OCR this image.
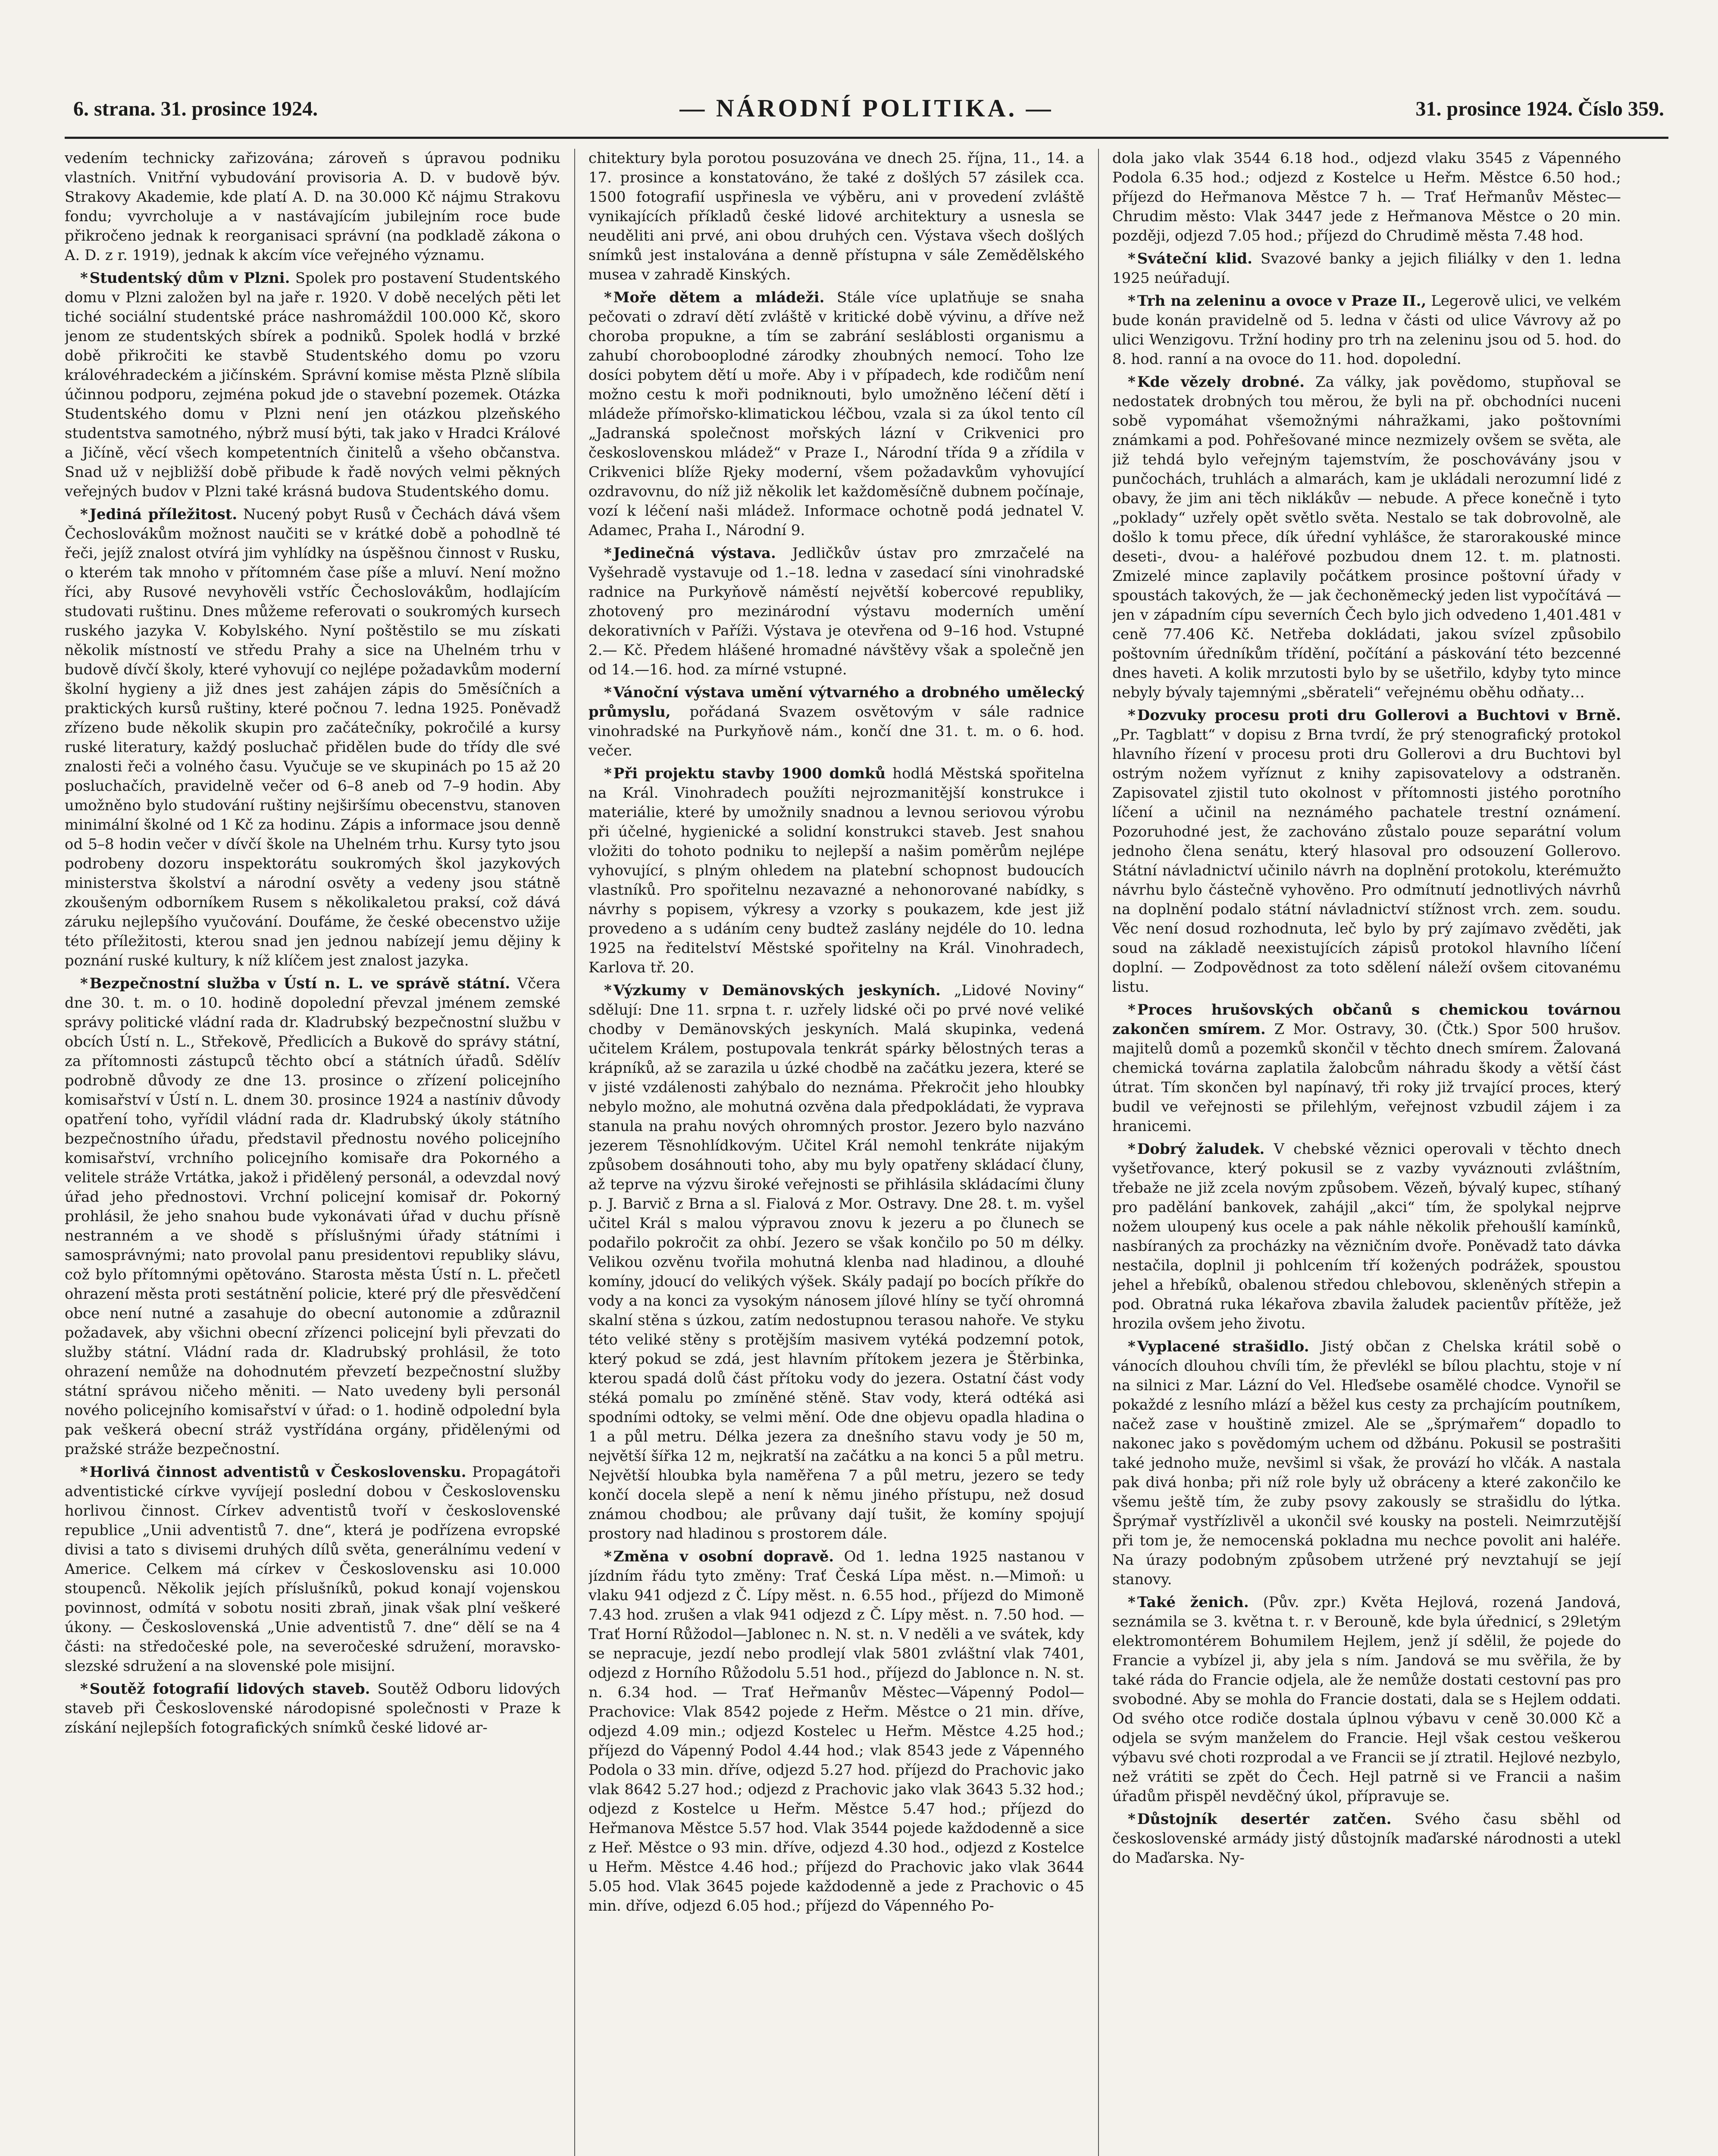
6. strana. 31. prosince 1924.	— NÁRODNÍ POLITIKA. —	31. prosince 1924. Číslo 359.

vedením technicky zařizována; zároveň s úpravou podniku vlastních. Vnitřní vybudování provisoria A. D. v budově býv. Strakovy Akademie, kde platí A. D. na 30.000 Kč nájmu Strakovu fondu; vyvrcholuje a v nastávajícím jubilejním roce bude přikročeno jednak k reorganisaci správní (na podkladě zákona o A. D. z r. 1919), jednak k akcím více veřejného významu.

* Studentský dům v Plzni. Spolek pro postavení Studentského domu v Plzni založen byl na jaře r. 1920. V době necelých pěti let tiché sociální studentské práce nashromáždil 100.000 Kč, skoro jenom ze studentských sbírek a podniků. Spolek hodlá v brzké době přikročiti ke stavbě Studentského domu po vzoru královéhradeckém a jičínském. Správní komise města Plzně slíbila účinnou podporu, zejména pokud jde o stavební pozemek. Otázka Studentského domu v Plzni není jen otázkou plzeňského studentstva samotného, nýbrž musí býti, tak jako v Hradci Králové a Jičíně, věcí všech kompetentních činitelů a všeho občanstva. Snad už v nejbližší době přibude k řadě nových velmi pěkných veřejných budov v Plzni také krásná budova Studentského domu.

* Jediná příležitost. Nucený pobyt Rusů v Čechách dává všem Čechoslovákům možnost naučiti se v krátké době a pohodlně té řeči, jejíž znalost otvírá jim vyhlídky na úspěšnou činnost v Rusku, o kterém tak mnoho v přítomném čase píše a mluví. Není možno říci, aby Rusové nevyhověli vstříc Čechoslovákům, hodlajícím studovati ruštinu. Dnes můžeme referovati o soukromých kursech ruského jazyka V. Kobylského. Nyní poštěstilo se mu získati několik místností ve středu Prahy a sice na Uhelném trhu v budově dívčí školy, které vyhovují co nejlépe požadavkům moderní školní hygieny a již dnes jest zahájen zápis do 5měsíčních a praktických kursů ruštiny, které počnou 7. ledna 1925. Poněvadž zřízeno bude několik skupin pro začátečníky, pokročilé a kursy ruské literatury, každý posluchač přidělen bude do třídy dle své znalosti řeči a volného času. Vyučuje se ve skupinách po 15 až 20 posluchačích, pravidelně večer od 6–8 aneb od 7–9 hodin. Aby umožněno bylo studování ruštiny nejširšímu obecenstvu, stanoven minimální školné od 1 Kč za hodinu. Zápis a informace jsou denně od 5–8 hodin večer v dívčí škole na Uhelném trhu. Kursy tyto jsou podrobeny dozoru inspektorátu soukromých škol jazykových ministerstva školství a národní osvěty a vedeny jsou státně zkoušeným odborníkem Rusem s několikaletou praksí, což dává záruku nejlepšího vyučování. Doufáme, že české obecenstvo užije této příležitosti, kterou snad jen jednou nabízejí jemu dějiny k poznání ruské kultury, k níž klíčem jest znalost jazyka.

* Bezpečnostní služba v Ústí n. L. ve správě státní. Včera dne 30. t. m. o 10. hodině dopolední převzal jménem zemské správy politické vládní rada dr. Kladrubský bezpečnostní službu v obcích Ústí n. L., Střekově, Předlicích a Bukově do správy státní, za přítomnosti zástupců těchto obcí a státních úřadů. Sdělív podrobně důvody ze dne 13. prosince o zřízení policejního komisařství v Ústí n. L. dnem 30. prosince 1924 a nastíniv důvody opatření toho, vyřídil vládní rada dr. Kladrubský úkoly státního bezpečnostního úřadu, představil přednostu nového policejního komisařství, vrchního policejního komisaře dra Pokorného a velitele stráže Vrtátka, jakož i přidělený personál, a odevzdal nový úřad jeho přednostovi. Vrchní policejní komisař dr. Pokorný prohlásil, že jeho snahou bude vykonávati úřad v duchu přísně nestranném a ve shodě s příslušnými úřady státními i samosprávnými; nato provolal panu presidentovi republiky slávu, což bylo přítomnými opětováno. Starosta města Ústí n. L. přečetl ohrazení města proti sestátnění policie, které prý dle přesvědčení obce není nutné a zasahuje do obecní autonomie a zdůraznil požadavek, aby všichni obecní zřízenci policejní byli převzati do služby státní. Vládní rada dr. Kladrubský prohlásil, že toto ohrazení nemůže na dohodnutém převzetí bezpečnostní služby státní správou ničeho měniti. — Nato uvedeny byli personál nového policejního komisařství v úřad: o 1. hodině odpolední byla pak veškerá obecní stráž vystřídána orgány, přidělenými od pražské stráže bezpečnostní.

* Horlivá činnost adventistů v Československu. Propagátoři adventistické církve vyvíjejí poslední dobou v Československu horlivou činnost. Církev adventistů tvoří v československé republice „Unii adventistů 7. dne“, která je podřízena evropské divisi a tato s divisemi druhých dílů světa, generálnímu vedení v Americe. Celkem má církev v Československu asi 10.000 stoupenců. Několik jejích příslušníků, pokud konají vojenskou povinnost, odmítá v sobotu nositi zbraň, jinak však plní veškeré úkony. — Československá „Unie adventistů 7. dne“ dělí se na 4 části: na středočeské pole, na severočeské sdružení, moravsko-slezské sdružení a na slovenské pole misijní.

* Soutěž fotografií lidových staveb. Soutěž Odboru lidových staveb při Československé národopisné společnosti v Praze k získání nejlepších fotografických snímků české lidové ar-

chitektury byla porotou posuzována ve dnech 25. října, 11., 14. a 17. prosince a konstatováno, že také z došlých 57 zásilek cca. 1500 fotografií uspřinesla ve výběru, ani v provedení zvláště vynikajících příkladů české lidové architektury a usnesla se neuděliti ani prvé, ani obou druhých cen. Výstava všech došlých snímků jest instalována a denně přístupna v sále Zemědělského musea v zahradě Kinských.

* Moře dětem a mládeži. Stále více uplatňuje se snaha pečovati o zdraví dětí zvláště v kritické době vývinu, a dříve než choroba propukne, a tím se zabrání sesláblosti organismu a zahubí chorobooplodné zárodky zhoubných nemocí. Toho lze dosíci pobytem dětí u moře. Aby i v případech, kde rodičům není možno cestu k moři podniknouti, bylo umožněno léčení dětí i mládeže přímořsko-klimatickou léčbou, vzala si za úkol tento cíl „Jadranská společnost mořských lázní v Crikvenici pro československou mládež“ v Praze I., Národní třída 9 a zřídila v Crikvenici blíže Rjeky moderní, všem požadavkům vyhovující ozdravovnu, do níž již několik let každoměsíčně dubnem počínaje, vozí k léčení naši mládež. Informace ochotně podá jednatel V. Adamec, Praha I., Národní 9.

* Jedinečná výstava. Jedličkův ústav pro zmrzačelé na Vyšehradě vystavuje od 1.–18. ledna v zasedací síni vinohradské radnice na Purkyňově náměstí největší kobercové republiky, zhotovený pro mezinárodní výstavu moderních umění dekorativních v Paříži. Výstava je otevřena od 9–16 hod. Vstupné 2.— Kč. Předem hlášené hromadné návštěvy však a společně jen od 14.—16. hod. za mírné vstupné.

* Vánoční výstava umění výtvarného a drobného umělecký průmyslu, pořádaná Svazem osvětovým v sále radnice vinohradské na Purkyňově nám., končí dne 31. t. m. o 6. hod. večer.

* Při projektu stavby 1900 domků hodlá Městská spořitelna na Král. Vinohradech použíti nejrozmanitější konstrukce i materiálie, které by umožnily snadnou a levnou seriovou výrobu při účelné, hygienické a solidní konstrukci staveb. Jest snahou vložiti do tohoto podniku to nejlepší a našim poměrům nejlépe vyhovující, s plným ohledem na platební schopnost budoucích vlastníků. Pro spořitelnu nezavazné a nehonorované nabídky, s návrhy s popisem, výkresy a vzorky s poukazem, kde jest již provedeno a s udáním ceny budtež zaslány nejdéle do 10. ledna 1925 na ředitelství Městské spořitelny na Král. Vinohradech, Karlova tř. 20.

* Výzkumy v Demänovských jeskyních. „Lidové Noviny“ sdělují: Dne 11. srpna t. r. uzřely lidské oči po prvé nové veliké chodby v Demänovských jeskyních. Malá skupinka, vedená učitelem Králem, postupovala tenkrát spárky bělostných teras a krápníků, až se zarazila u úzké chodbě na začátku jezera, které se v jisté vzdálenosti zahýbalo do neznáma. Překročit jeho hloubky nebylo možno, ale mohutná ozvěna dala předpokládati, že vyprava stanula na prahu nových ohromných prostor. Jezero bylo nazváno jezerem Těsnohlídkovým. Učitel Král nemohl tenkráte nijakým způsobem dosáhnouti toho, aby mu byly opatřeny skládací čluny, až teprve na výzvu široké veřejnosti se přihlásila skládacími čluny p. J. Barvič z Brna a sl. Fialová z Mor. Ostravy. Dne 28. t. m. vyšel učitel Král s malou výpravou znovu k jezeru a po člunech se podařilo pokročit za ohbí. Jezero se však končilo po 50 m délky. Velikou ozvěnu tvořila mohutná klenba nad hladinou, a dlouhé komíny, jdoucí do velikých výšek. Skály padají po bocích příkře do vody a na konci za vysokým nánosem jílové hlíny se tyčí ohromná skalní stěna s úzkou, zatím nedostupnou terasou nahoře. Ve styku této veliké stěny s protějším masivem vytéká podzemní potok, který pokud se zdá, jest hlavním přítokem jezera je Štěrbinka, kterou spadá dolů část přítoku vody do jezera. Ostatní část vody stéká pomalu po zmíněné stěně. Stav vody, která odtéká asi spodními odtoky, se velmi mění. Ode dne objevu opadla hladina o 1 a půl metru. Délka jezera za dnešního stavu vody je 50 m, největší šířka 12 m, nejkratší na začátku a na konci 5 a půl metru. Největší hloubka byla naměřena 7 a půl metru, jezero se tedy končí docela slepě a není k němu jiného přístupu, než dosud známou chodbou; ale průvany dají tušit, že komíny spojují prostory nad hladinou s prostorem dále.

* Změna v osobní dopravě. Od 1. ledna 1925 nastanou v jízdním řádu tyto změny: Trať Česká Lípa měst. n.—Mimoň: u vlaku 941 odjezd z Č. Lípy měst. n. 6.55 hod., příjezd do Mimoně 7.43 hod. zrušen a vlak 941 odjezd z Č. Lípy měst. n. 7.50 hod. — Trať Horní Růžodol—Jablonec n. N. st. n. V neděli a ve svátek, kdy se nepracuje, jezdí nebo prodlejí vlak 5801 zvláštní vlak 7401, odjezd z Horního Růžodolu 5.51 hod., příjezd do Jablonce n. N. st. n. 6.34 hod. — Trať Heřmanův Městec—Vápenný Podol—Prachovice: Vlak 8542 pojede z Heřm. Městce o 21 min. dříve, odjezd 4.09 min.; odjezd Kostelec u Heřm. Městce 4.25 hod.; příjezd do Vápenný Podol 4.44 hod.; vlak 8543 jede z Vápenného Podola o 33 min. dříve, odjezd 5.27 hod. příjezd do Prachovic jako vlak 8642 5.27 hod.; odjezd z Prachovic jako vlak 3643 5.32 hod.; odjezd z Kostelce u Heřm. Městce 5.47 hod.; příjezd do Heřmanova Městce 5.57 hod. Vlak 3544 pojede každodenně a sice z Heř. Městce o 93 min. dříve, odjezd 4.30 hod., odjezd z Kostelce u Heřm. Městce 4.46 hod.; příjezd do Prachovic jako vlak 3644 5.05 hod. Vlak 3645 pojede každodenně a jede z Prachovic o 45 min. dříve, odjezd 6.05 hod.; příjezd do Vápenného Po-

dola jako vlak 3544 6.18 hod., odjezd vlaku 3545 z Vápenného Podola 6.35 hod.; odjezd z Kostelce u Heřm. Městce 6.50 hod.; příjezd do Heřmanova Městce 7 h. — Trať Heřmanův Městec—Chrudim město: Vlak 3447 jede z Heřmanova Městce o 20 min. později, odjezd 7.05 hod.; příjezd do Chrudimě města 7.48 hod.

* Sváteční klid. Svazové banky a jejich filiálky v den 1. ledna 1925 neúřadují.

* Trh na zeleninu a ovoce v Praze II., Legerově ulici, ve velkém bude konán pravidelně od 5. ledna v části od ulice Vávrovy až po ulici Wenzigovu. Tržní hodiny pro trh na zeleninu jsou od 5. hod. do 8. hod. ranní a na ovoce do 11. hod. dopolední.

* Kde vězely drobné. Za války, jak povědomo, stupňoval se nedostatek drobných tou měrou, že byli na př. obchodníci nuceni sobě vypomáhat všemožnými náhražkami, jako poštovními známkami a pod. Pohřešované mince nezmizely ovšem se světa, ale již tehdá bylo veřejným tajemstvím, že poschovávány jsou v punčochách, truhlách a almarách, kam je ukládali nerozumní lidé z obavy, že jim ani těch niklákův — nebude. A přece konečně i tyto „poklady“ uzřely opět světlo světa. Nestalo se tak dobrovolně, ale došlo k tomu přece, dík úřední vyhlášce, že starorakouské mince deseti-, dvou- a haléřové pozbudou dnem 12. t. m. platnosti. Zmizelé mince zaplavily počátkem prosince poštovní úřady v spoustách takových, že — jak čechoněmecký jeden list vypočítává — jen v západním cípu severních Čech bylo jich odvedeno 1,401.481 v ceně 77.406 Kč. Netřeba dokládati, jakou svízel způsobilo poštovním úředníkům třídění, počítání a páskování této bezcenné dnes haveti. A kolik mrzutosti bylo by se ušetřilo, kdyby tyto mince nebyly bývaly tajemnými „sběrateli“ veřejnému oběhu odňaty…

* Dozvuky procesu proti dru Gollerovi a Buchtovi v Brně. „Pr. Tagblatt“ v dopisu z Brna tvrdí, že prý stenografický protokol hlavního řízení v procesu proti dru Gollerovi a dru Buchtovi byl ostrým nožem vyříznut z knihy zapisovatelovy a odstraněn. Zapisovatel zjistil tuto okolnost v přítomnosti jistého porotního líčení a učinil na neznámého pachatele trestní oznámení. Pozoruhodné jest, že zachováno zůstalo pouze separátní volum jednoho člena senátu, který hlasoval pro odsouzení Gollerovo. Státní návladnictví učinilo návrh na doplnění protokolu, kterémužto návrhu bylo částečně vyhověno. Pro odmítnutí jednotlivých návrhů na doplnění podalo státní návladnictví stížnost vrch. zem. soudu. Věc není dosud rozhodnuta, leč bylo by prý zajímavo zvěděti, jak soud na základě neexistujících zápisů protokol hlavního líčení doplní. — Zodpovědnost za toto sdělení náleží ovšem citovanému listu.

* Proces hrušovských občanů s chemickou továrnou zakončen smírem. Z Mor. Ostravy, 30. (Čtk.) Spor 500 hrušov. majitelů domů a pozemků skončil v těchto dnech smírem. Žalovaná chemická továrna zaplatila žalobcům náhradu škody a větší část útrat. Tím skončen byl napínavý, tři roky již trvající proces, který budil ve veřejnosti se přilehlým, veřejnost vzbudil zájem i za hranicemi.

* Dobrý žaludek. V chebské věznici operovali v těchto dnech vyšetřovance, který pokusil se z vazby vyváznouti zvláštním, třebaže ne již zcela novým způsobem. Vězeň, bývalý kupec, stíhaný pro padělání bankovek, zahájil „akci“ tím, že spolykal nejprve nožem uloupený kus ocele a pak náhle několik přehoušlí kamínků, nasbíraných za procházky na vězničním dvoře. Poněvadž tato dávka nestačila, doplnil ji pohlcením tří kožených podrážek, spoustou jehel a hřebíků, obalenou středou chlebovou, skleněných střepin a pod. Obratná ruka lékařova zbavila žaludek pacientův přítěže, jež hrozila ovšem jeho životu.

* Vyplacené strašidlo. Jistý občan z Chelska krátil sobě o vánocích dlouhou chvíli tím, že převlékl se bílou plachtu, stoje v ní na silnici z Mar. Lázní do Vel. Hleďsebe osamělé chodce. Vynořil se pokaždé z lesního mlází a běžel kus cesty za prchajícím poutníkem, načež zase v houštině zmizel. Ale se „šprýmařem“ dopadlo to nakonec jako s povědomým uchem od džbánu. Pokusil se postrašiti také jednoho muže, nevšiml si však, že provází ho vlčák. A nastala pak divá honba; při níž role byly už obráceny a které zakončilo ke všemu ještě tím, že zuby psovy zakously se strašidlu do lýtka. Šprýmař vystřízlivěl a ukončil své kousky na posteli. Neimrzutější při tom je, že nemocenská pokladna mu nechce povolit ani haléře. Na úrazy podobným způsobem utržené prý nevztahují se její stanovy.

* Také ženich. (Pův. zpr.) Květa Hejlová, rozená Jandová, seznámila se 3. května t. r. v Berouně, kde byla úřednicí, s 29letým elektromontérem Bohumilem Hejlem, jenž jí sdělil, že pojede do Francie a vybízel ji, aby jela s ním. Jandová se mu svěřila, že by také ráda do Francie odjela, ale že nemůže dostati cestovní pas pro svobodné. Aby se mohla do Francie dostati, dala se s Hejlem oddati. Od svého otce rodiče dostala úplnou výbavu v ceně 30.000 Kč a odjela se svým manželem do Francie. Hejl však cestou veškerou výbavu své choti rozprodal a ve Francii se jí ztratil. Hejlové nezbylo, než vrátiti se zpět do Čech. Hejl patrně si ve Francii a našim úřadům přispěl nevděčný úkol, přípravuje se.

* Důstojník desertér zatčen. Svého času sběhl od československé armády jistý důstojník maďarské národnosti a utekl do Maďarska. Ny-
